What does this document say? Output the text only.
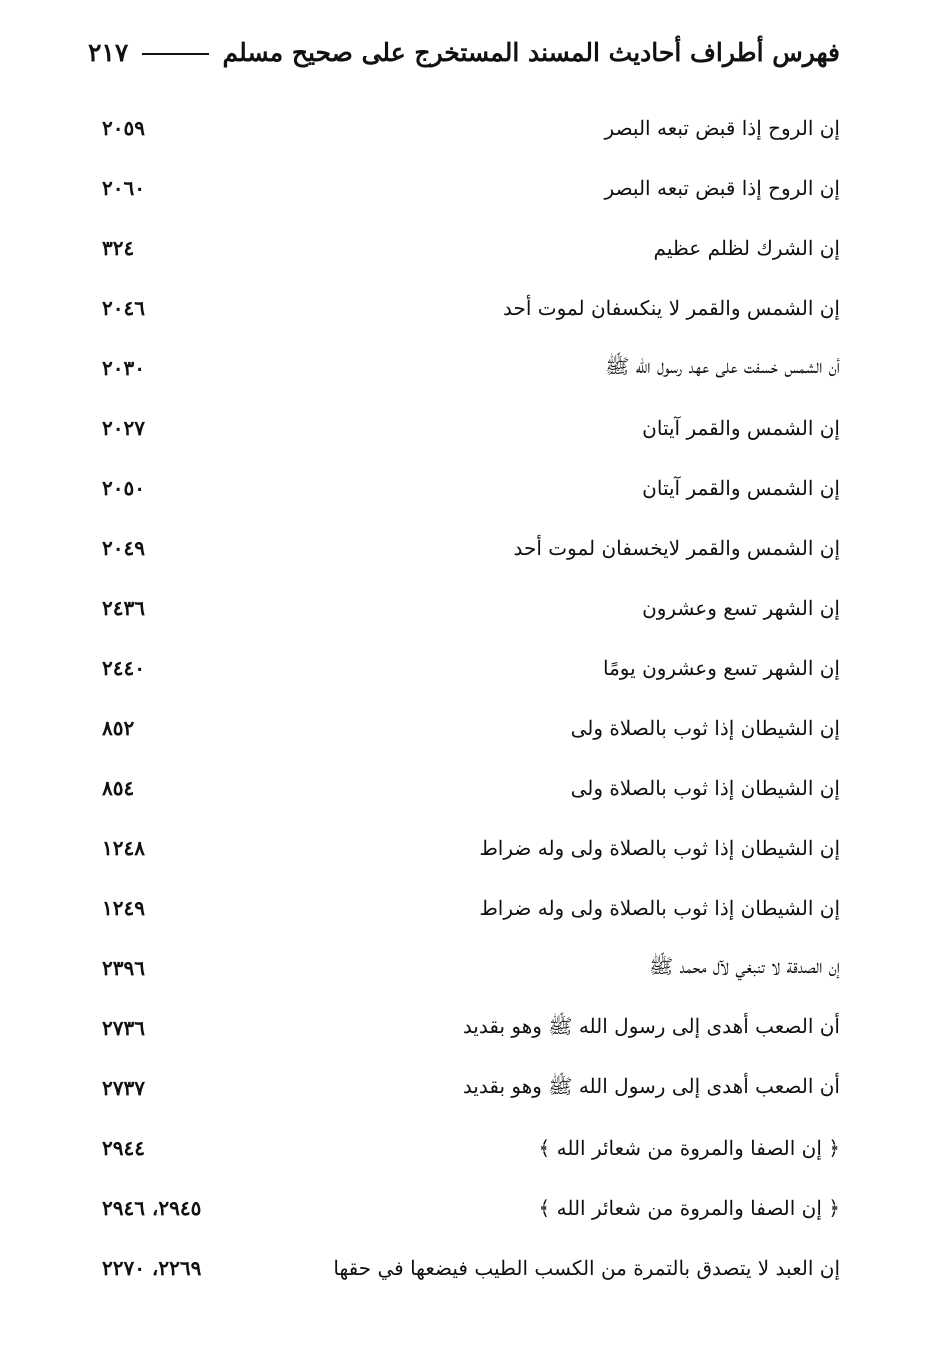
فهرس أطراف أحاديث المسند المستخرج على صحيح مسلم
٢١٧
إن الروح إذا قبض تبعه البصر
٢٠٥٩
إن الروح إذا قبض تبعه البصر
٢٠٦٠
إن الشرك لظلم عظيم
٣٢٤
إن الشمس والقمر لا ينكسفان لموت أحد
٢٠٤٦
أن الشمس خسفت على عهد رسول الله ﷺ
٢٠٣٠
إن الشمس والقمر آيتان
٢٠٢٧
إن الشمس والقمر آيتان
٢٠٥٠
إن الشمس والقمر لايخسفان لموت أحد
٢٠٤٩
إن الشهر تسع وعشرون
٢٤٣٦
إن الشهر تسع وعشرون يومًا
٢٤٤٠
إن الشيطان إذا ثوب بالصلاة ولى
٨٥٢
إن الشيطان إذا ثوب بالصلاة ولى
٨٥٤
إن الشيطان إذا ثوب بالصلاة ولى وله ضراط
١٢٤٨
إن الشيطان إذا ثوب بالصلاة ولى وله ضراط
١٢٤٩
إن الصدقة لا تنبغي لآل محمد ﷺ
٢٣٩٦
أن الصعب أهدى إلى رسول الله ﷺ وهو بقديد
٢٧٣٦
أن الصعب أهدى إلى رسول الله ﷺ وهو بقديد
٢٧٣٧
﴿ إن الصفا والمروة من شعائر الله ﴾
٢٩٤٤
﴿ إن الصفا والمروة من شعائر الله ﴾
٢٩٤٥، ٢٩٤٦
إن العبد لا يتصدق بالتمرة من الكسب الطيب فيضعها في حقها
٢٢٦٩، ٢٢٧٠
